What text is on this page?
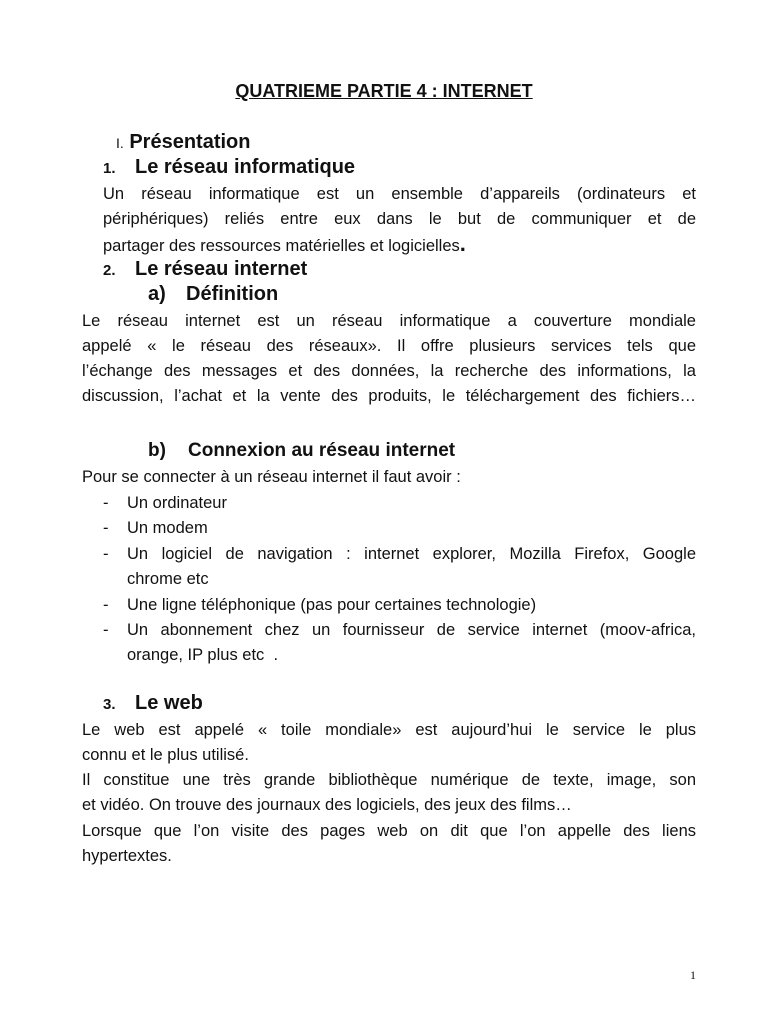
QUATRIEME PARTIE 4 : INTERNET
I. Présentation
1. Le réseau informatique
Un réseau informatique est un ensemble d’appareils (ordinateurs et
périphériques) reliés entre eux dans le but de communiquer et de
partager des ressources matérielles et logicielles.
2. Le réseau internet
a) Définition
Le réseau internet est un réseau informatique a couverture mondiale
appelé « le réseau des réseaux». Il offre plusieurs services tels que
l’échange des messages et des données, la recherche des informations, la
discussion, l’achat et la vente des produits, le téléchargement des fichiers…
b) Connexion au réseau internet
Pour se connecter à un réseau internet il faut avoir :
- Un ordinateur
- Un modem
- Un logiciel de navigation : internet explorer, Mozilla Firefox, Google
chrome etc
- Une ligne téléphonique (pas pour certaines technologie)
- Un abonnement chez un fournisseur de service internet (moov-africa,
orange, IP plus etc  .
3. Le web
Le web est appelé « toile mondiale» est aujourd’hui le service le plus
connu et le plus utilisé.
Il constitue une très grande bibliothèque numérique de texte, image, son
et vidéo. On trouve des journaux des logiciels, des jeux des films…
Lorsque que l’on visite des pages web on dit que l’on appelle des liens
hypertextes.
1
